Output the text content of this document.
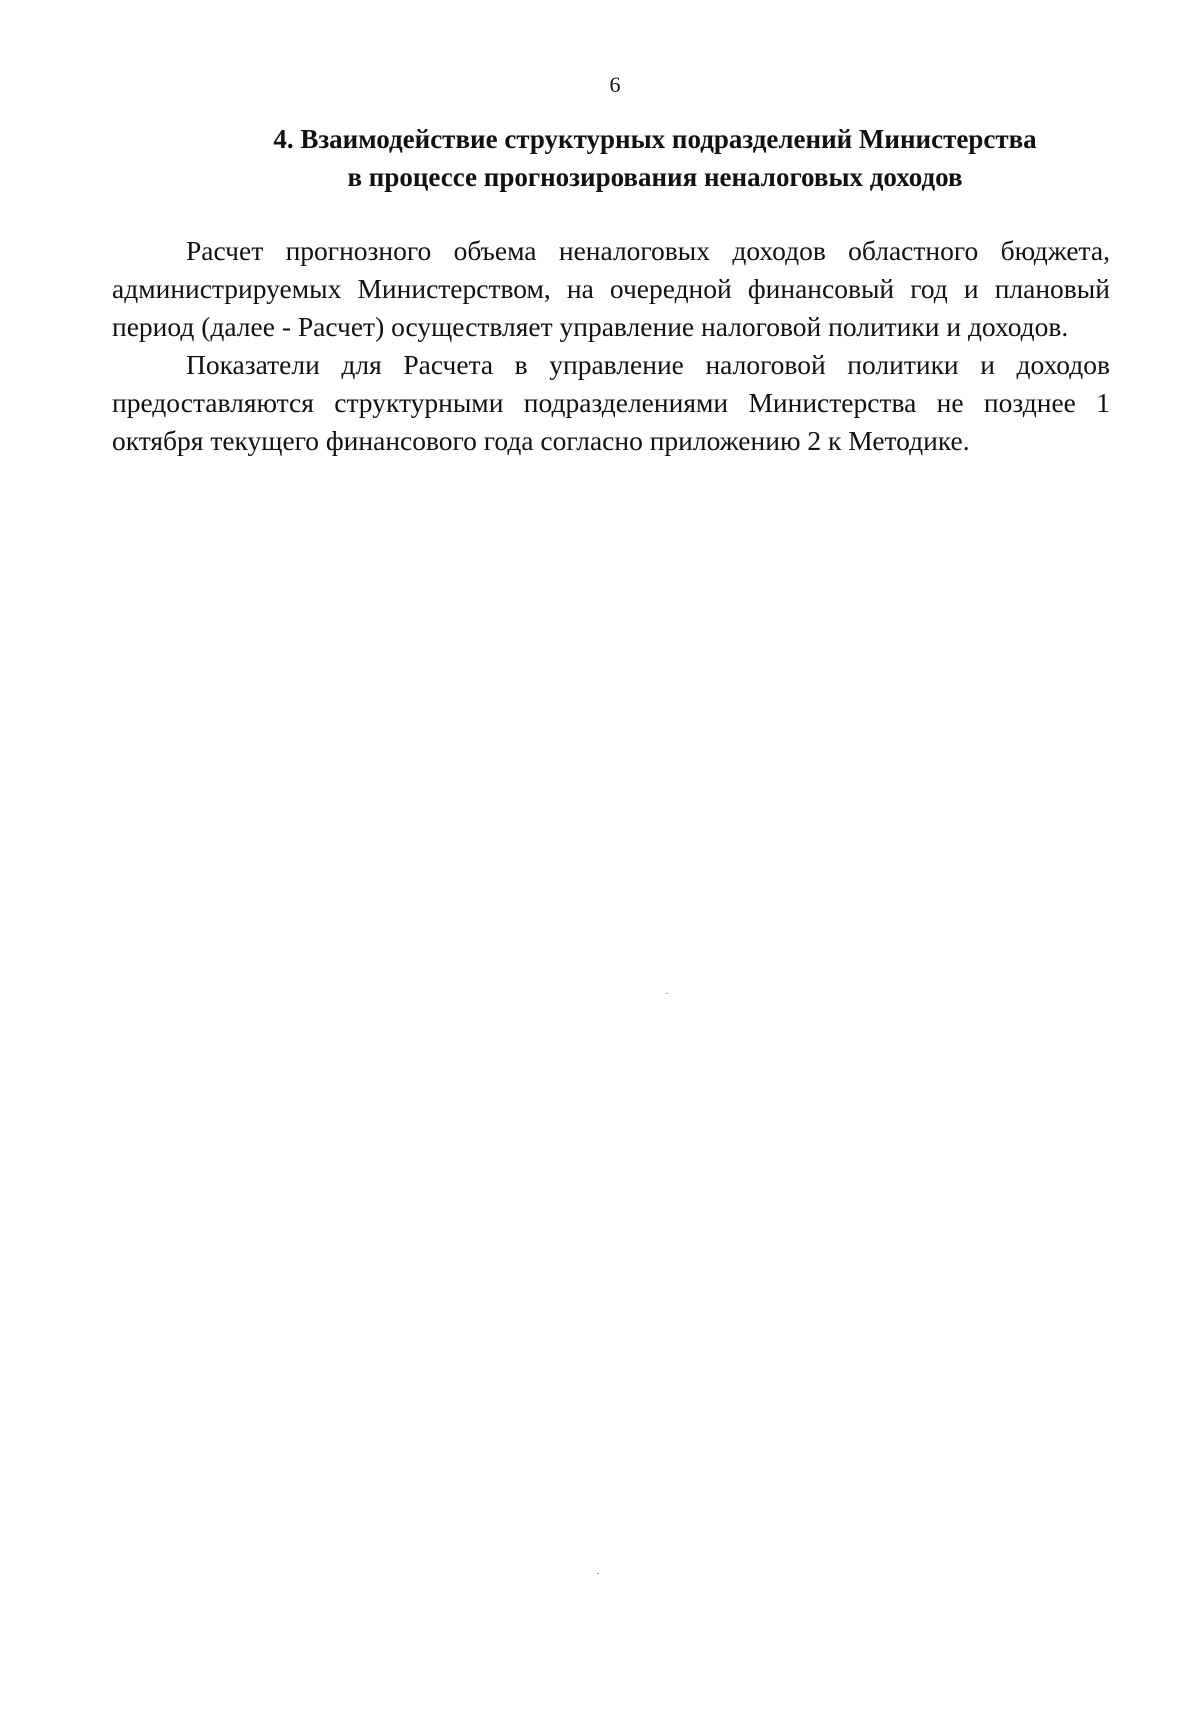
6
4. Взаимодействие структурных подразделений Министерства
в процессе прогнозирования неналоговых доходов

Расчет прогнозного объема неналоговых доходов областного бюджета, администрируемых Министерством, на очередной финансовый год и плановый период (далее - Расчет) осуществляет управление налоговой политики и доходов.

Показатели для Расчета в управление налоговой политики и доходов предоставляются структурными подразделениями Министерства не позднее 1 октября текущего финансового года согласно приложению 2 к Методике.
